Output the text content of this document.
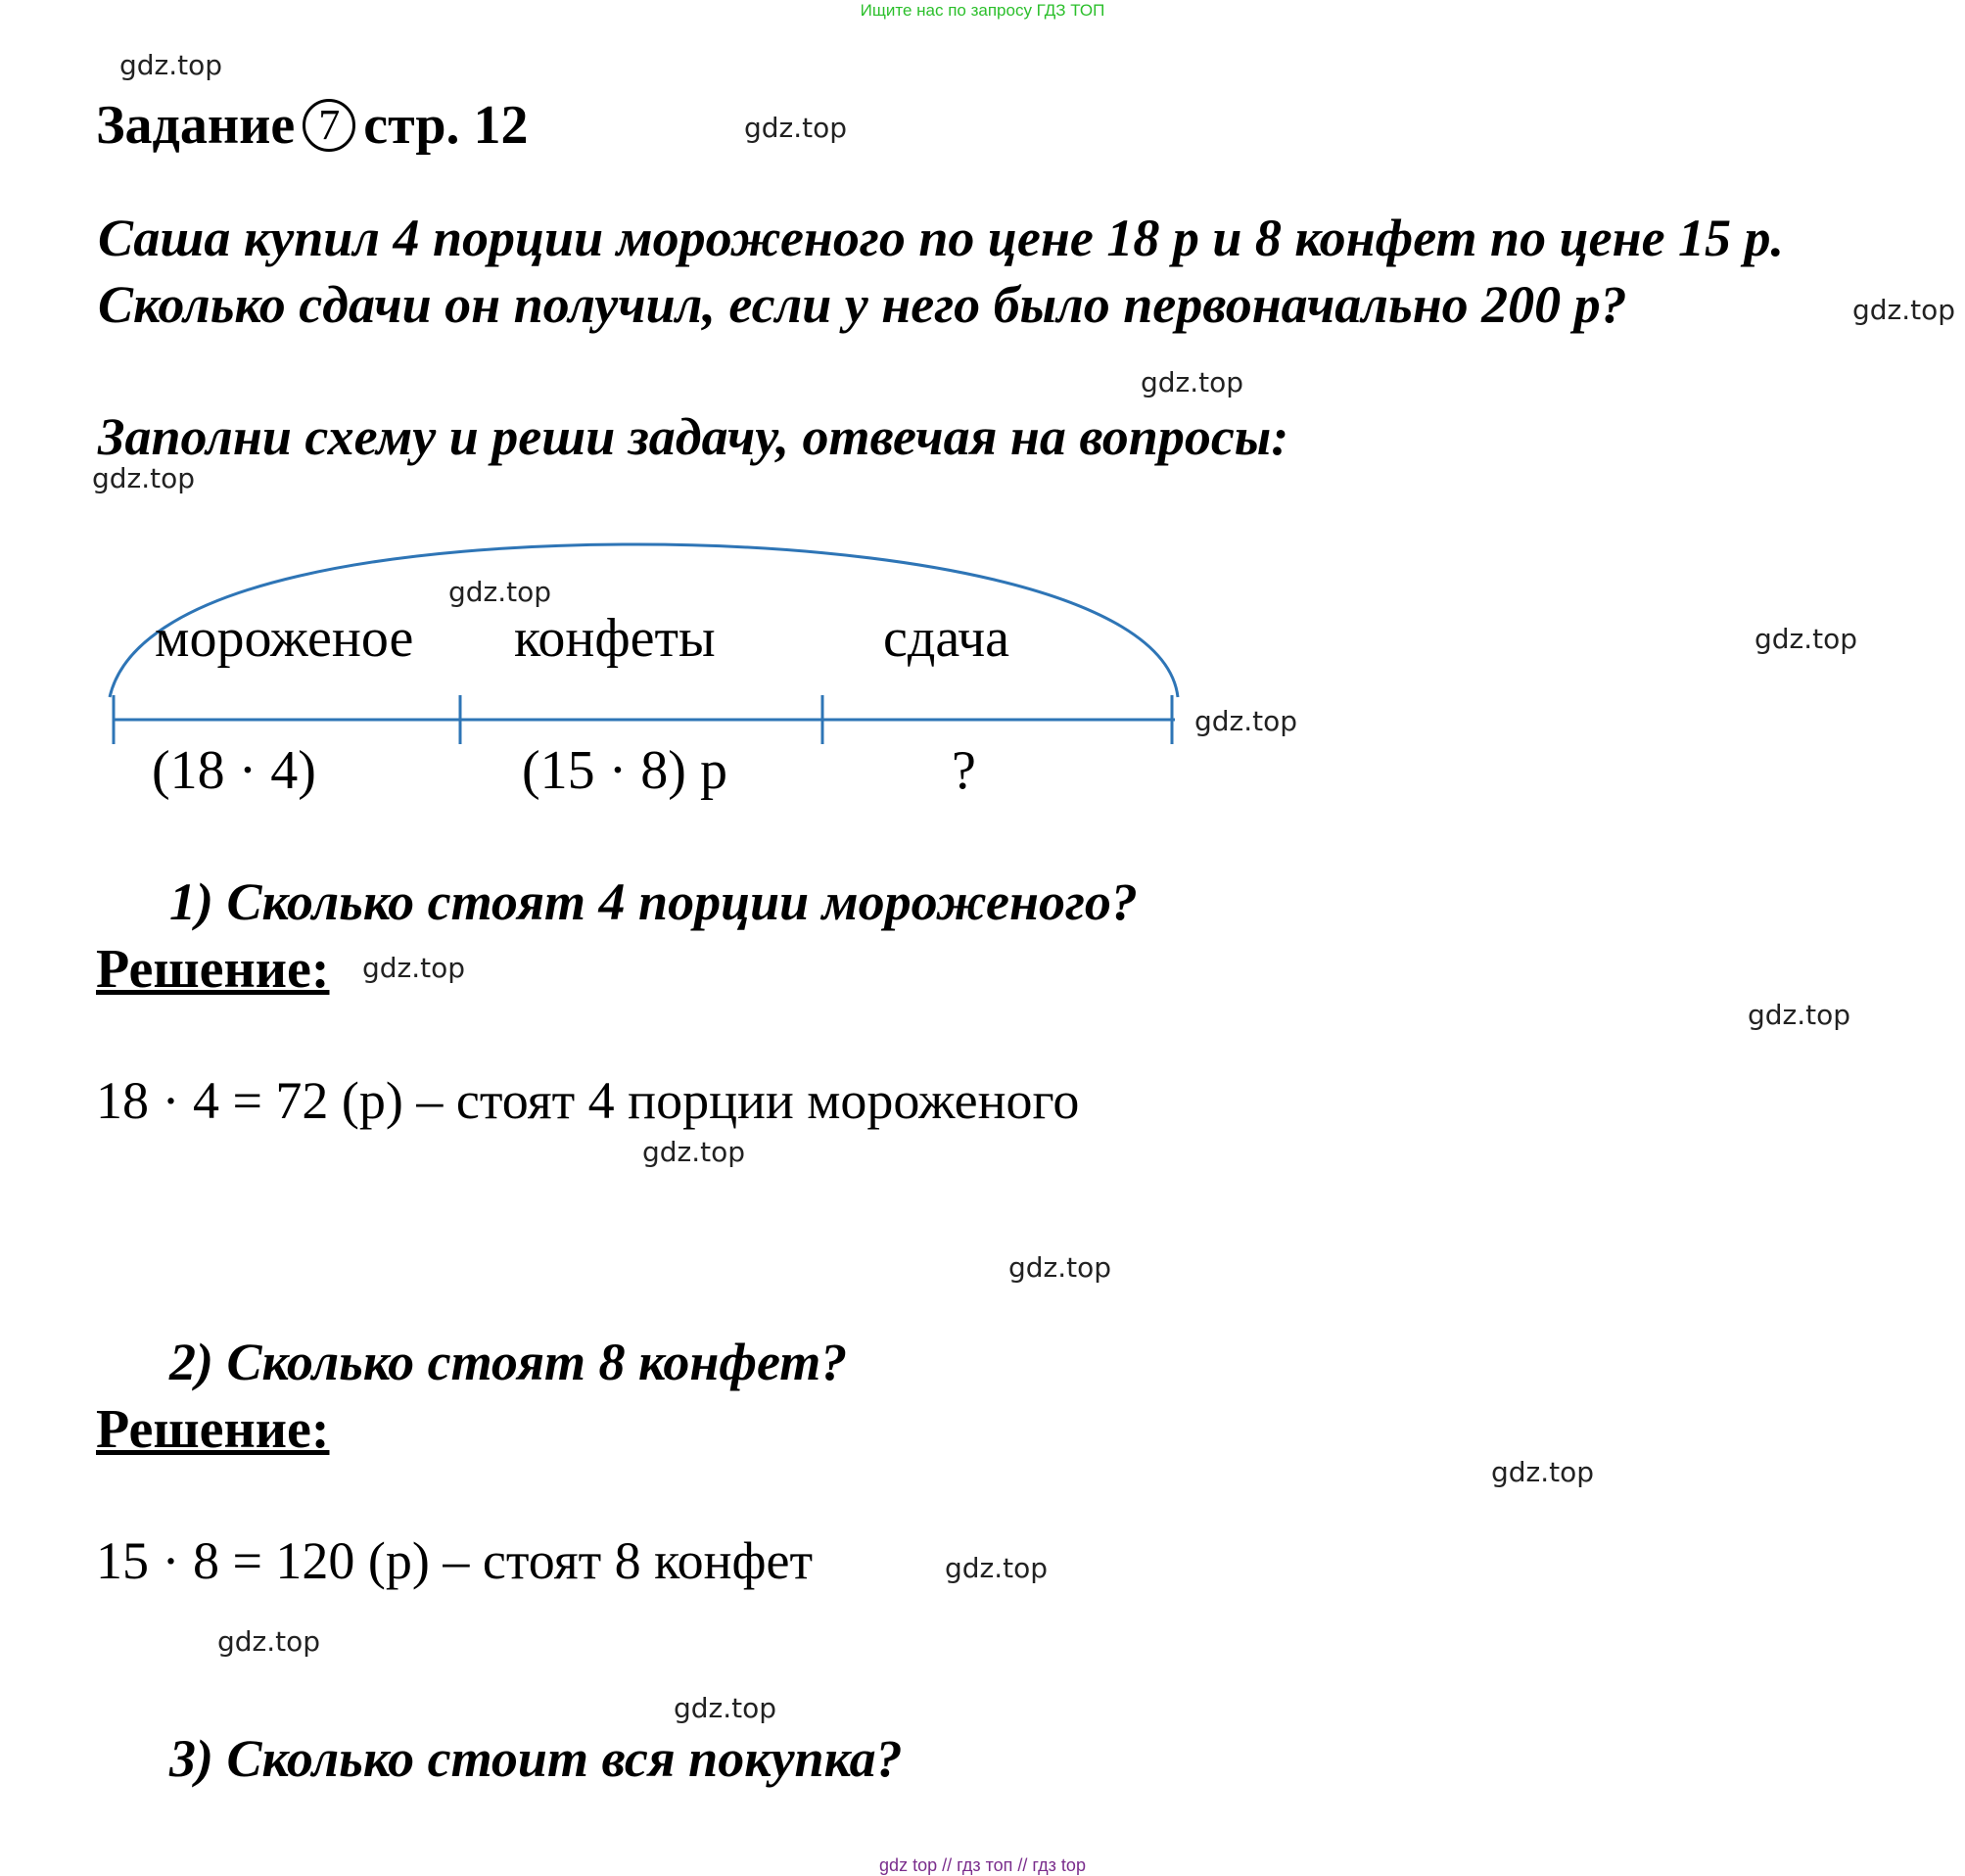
Ищите нас по запросу ГДЗ ТОП
Задание 7 стр. 12
Саша купил 4 порции мороженого по цене 18 р и 8 конфет по цене 15 р.
Сколько сдачи он получил, если у него было первоначально 200 р?
Заполни схему и реши задачу, отвечая на вопросы:
мороженое конфеты	сдача
(18 · 4)	(15 · 8) р	?
1) Сколько стоят 4 порции мороженого?
Решение:
18 · 4 = 72 (р) – стоят 4 порции мороженого
2) Сколько стоят 8 конфет?
Решение:
15 · 8 = 120 (р) – стоят 8 конфет
3) Сколько стоит вся покупка?
gdz.top
gdz.top
gdz.top
gdz.top
gdz.top
gdz.top
gdz.top
gdz.top
gdz.top
gdz.top
gdz.top
gdz.top
gdz.top
gdz.top
gdz.top
gdz.top
gdz top // гдз топ // гдз top
